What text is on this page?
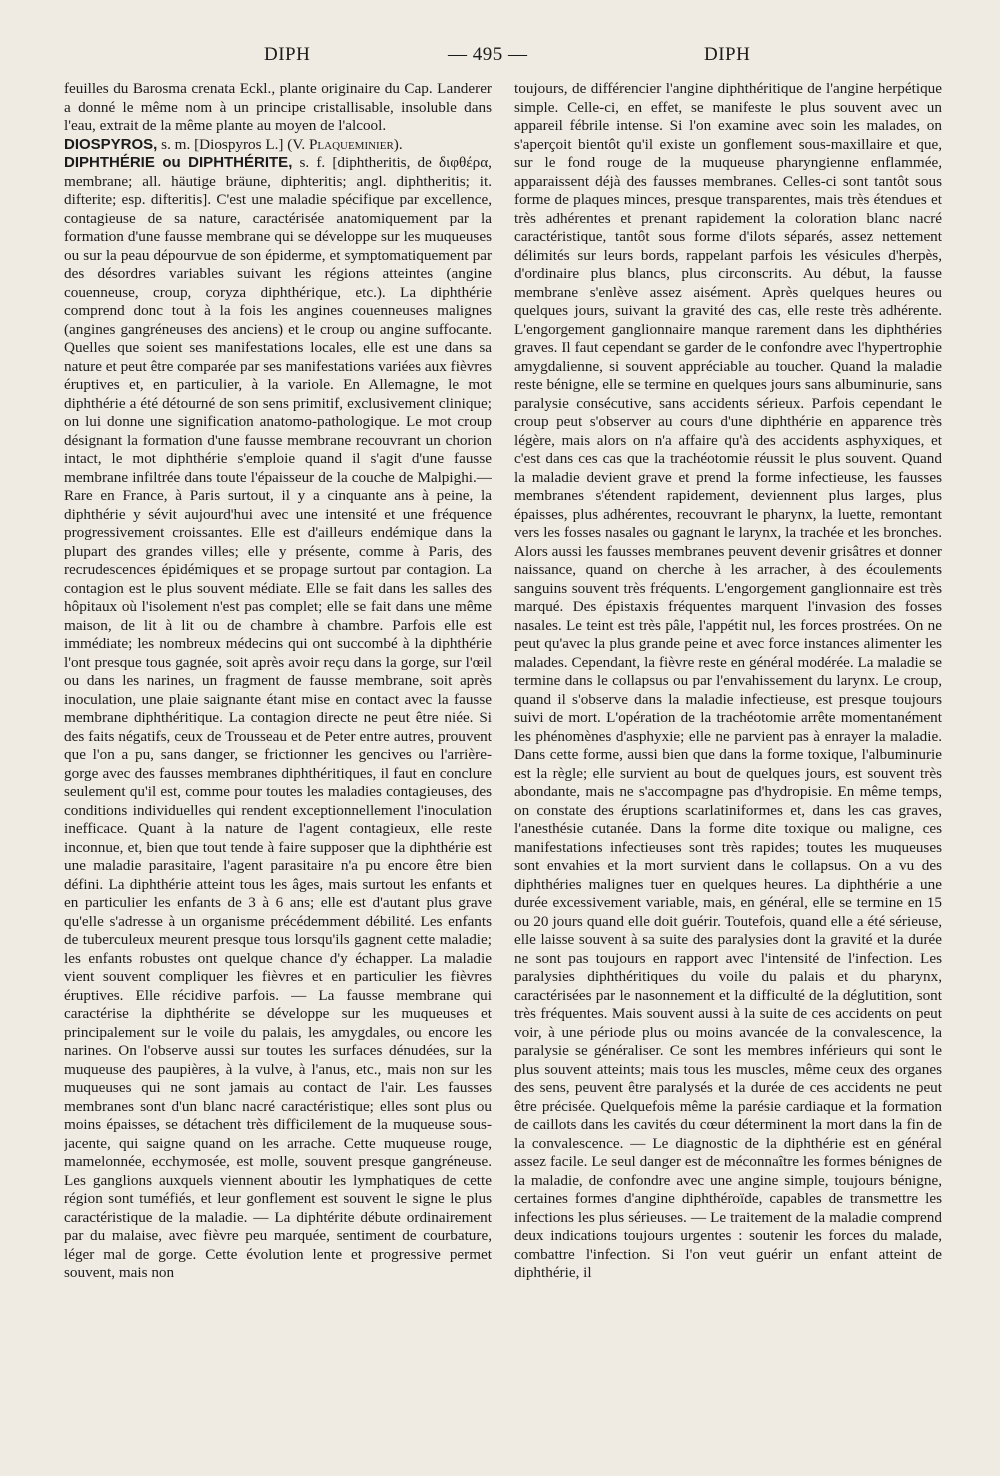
DIPH	— 495 —	DIPH

feuilles du Barosma crenata Eckl., plante originaire du Cap. Landerer a donné le même nom à un principe cristallisable, insoluble dans l'eau, extrait de la même plante au moyen de l'alcool.

DIOSPYROS, s. m. [Diospyros L.] (V. Plaqueminier).

DIPHTHÉRIE ou DIPHTHÉRITE, s. f. [diphtheritis, de διφθέρα, membrane; all. häutige bräune, diphteritis; angl. diphtheritis; it. difterite; esp. difteritis]. C'est une maladie spécifique par excellence, contagieuse de sa nature, caractérisée anatomiquement par la formation d'une fausse membrane qui se développe sur les muqueuses ou sur la peau dépourvue de son épiderme, et symptomatiquement par des désordres variables suivant les régions atteintes (angine couenneuse, croup, coryza diphthérique, etc.). La diphthérie comprend donc tout à la fois les angines couenneuses malignes (angines gangréneuses des anciens) et le croup ou angine suffocante. Quelles que soient ses manifestations locales, elle est une dans sa nature et peut être comparée par ses manifestations variées aux fièvres éruptives et, en particulier, à la variole. En Allemagne, le mot diphthérie a été détourné de son sens primitif, exclusivement clinique; on lui donne une signification anatomo-pathologique. Le mot croup désignant la formation d'une fausse membrane recouvrant un chorion intact, le mot diphthérie s'emploie quand il s'agit d'une fausse membrane infiltrée dans toute l'épaisseur de la couche de Malpighi.— Rare en France, à Paris surtout, il y a cinquante ans à peine, la diphthérie y sévit aujourd'hui avec une intensité et une fréquence progressivement croissantes. Elle est d'ailleurs endémique dans la plupart des grandes villes; elle y présente, comme à Paris, des recrudescences épidémiques et se propage surtout par contagion. La contagion est le plus souvent médiate. Elle se fait dans les salles des hôpitaux où l'isolement n'est pas complet; elle se fait dans une même maison, de lit à lit ou de chambre à chambre. Parfois elle est immédiate; les nombreux médecins qui ont succombé à la diphthérie l'ont presque tous gagnée, soit après avoir reçu dans la gorge, sur l'œil ou dans les narines, un fragment de fausse membrane, soit après inoculation, une plaie saignante étant mise en contact avec la fausse membrane diphthéritique. La contagion directe ne peut être niée. Si des faits négatifs, ceux de Trousseau et de Peter entre autres, prouvent que l'on a pu, sans danger, se frictionner les gencives ou l'arrière-gorge avec des fausses membranes diphthéritiques, il faut en conclure seulement qu'il est, comme pour toutes les maladies contagieuses, des conditions individuelles qui rendent exceptionnellement l'inoculation inefficace. Quant à la nature de l'agent contagieux, elle reste inconnue, et, bien que tout tende à faire supposer que la diphthérie est une maladie parasitaire, l'agent parasitaire n'a pu encore être bien défini. La diphthérie atteint tous les âges, mais surtout les enfants et en particulier les enfants de 3 à 6 ans; elle est d'autant plus grave qu'elle s'adresse à un organisme précédemment débilité. Les enfants de tuberculeux meurent presque tous lorsqu'ils gagnent cette maladie; les enfants robustes ont quelque chance d'y échapper. La maladie vient souvent compliquer les fièvres et en particulier les fièvres éruptives. Elle récidive parfois. — La fausse membrane qui caractérise la diphthérite se développe sur les muqueuses et principalement sur le voile du palais, les amygdales, ou encore les narines. On l'observe aussi sur toutes les surfaces dénudées, sur la muqueuse des paupières, à la vulve, à l'anus, etc., mais non sur les muqueuses qui ne sont jamais au contact de l'air. Les fausses membranes sont d'un blanc nacré caractéristique; elles sont plus ou moins épaisses, se détachent très difficilement de la muqueuse sous-jacente, qui saigne quand on les arrache. Cette muqueuse rouge, mamelonnée, ecchymosée, est molle, souvent presque gangréneuse. Les ganglions auxquels viennent aboutir les lymphatiques de cette région sont tuméfiés, et leur gonflement est souvent le signe le plus caractéristique de la maladie. — La diphtérite débute ordinairement par du malaise, avec fièvre peu marquée, sentiment de courbature, léger mal de gorge. Cette évolution lente et progressive permet souvent, mais non

toujours, de différencier l'angine diphthéritique de l'angine herpétique simple. Celle-ci, en effet, se manifeste le plus souvent avec un appareil fébrile intense. Si l'on examine avec soin les malades, on s'aperçoit bientôt qu'il existe un gonflement sous-maxillaire et que, sur le fond rouge de la muqueuse pharyngienne enflammée, apparaissent déjà des fausses membranes. Celles-ci sont tantôt sous forme de plaques minces, presque transparentes, mais très étendues et très adhérentes et prenant rapidement la coloration blanc nacré caractéristique, tantôt sous forme d'ilots séparés, assez nettement délimités sur leurs bords, rappelant parfois les vésicules d'herpès, d'ordinaire plus blancs, plus circonscrits. Au début, la fausse membrane s'enlève assez aisément. Après quelques heures ou quelques jours, suivant la gravité des cas, elle reste très adhérente. L'engorgement ganglionnaire manque rarement dans les diphthéries graves. Il faut cependant se garder de le confondre avec l'hypertrophie amygdalienne, si souvent appréciable au toucher. Quand la maladie reste bénigne, elle se termine en quelques jours sans albuminurie, sans paralysie consécutive, sans accidents sérieux. Parfois cependant le croup peut s'observer au cours d'une diphthérie en apparence très légère, mais alors on n'a affaire qu'à des accidents asphyxiques, et c'est dans ces cas que la trachéotomie réussit le plus souvent. Quand la maladie devient grave et prend la forme infectieuse, les fausses membranes s'étendent rapidement, deviennent plus larges, plus épaisses, plus adhérentes, recouvrant le pharynx, la luette, remontant vers les fosses nasales ou gagnant le larynx, la trachée et les bronches. Alors aussi les fausses membranes peuvent devenir grisâtres et donner naissance, quand on cherche à les arracher, à des écoulements sanguins souvent très fréquents. L'engorgement ganglionnaire est très marqué. Des épistaxis fréquentes marquent l'invasion des fosses nasales. Le teint est très pâle, l'appétit nul, les forces prostrées. On ne peut qu'avec la plus grande peine et avec force instances alimenter les malades. Cependant, la fièvre reste en général modérée. La maladie se termine dans le collapsus ou par l'envahissement du larynx. Le croup, quand il s'observe dans la maladie infectieuse, est presque toujours suivi de mort. L'opération de la trachéotomie arrête momentanément les phénomènes d'asphyxie; elle ne parvient pas à enrayer la maladie. Dans cette forme, aussi bien que dans la forme toxique, l'albuminurie est la règle; elle survient au bout de quelques jours, est souvent très abondante, mais ne s'accompagne pas d'hydropisie. En même temps, on constate des éruptions scarlatiniformes et, dans les cas graves, l'anesthésie cutanée. Dans la forme dite toxique ou maligne, ces manifestations infectieuses sont très rapides; toutes les muqueuses sont envahies et la mort survient dans le collapsus. On a vu des diphthéries malignes tuer en quelques heures. La diphthérie a une durée excessivement variable, mais, en général, elle se termine en 15 ou 20 jours quand elle doit guérir. Toutefois, quand elle a été sérieuse, elle laisse souvent à sa suite des paralysies dont la gravité et la durée ne sont pas toujours en rapport avec l'intensité de l'infection. Les paralysies diphthéritiques du voile du palais et du pharynx, caractérisées par le nasonnement et la difficulté de la déglutition, sont très fréquentes. Mais souvent aussi à la suite de ces accidents on peut voir, à une période plus ou moins avancée de la convalescence, la paralysie se généraliser. Ce sont les membres inférieurs qui sont le plus souvent atteints; mais tous les muscles, même ceux des organes des sens, peuvent être paralysés et la durée de ces accidents ne peut être précisée. Quelquefois même la parésie cardiaque et la formation de caillots dans les cavités du cœur déterminent la mort dans la fin de la convalescence. — Le diagnostic de la diphthérie est en général assez facile. Le seul danger est de méconnaître les formes bénignes de la maladie, de confondre avec une angine simple, toujours bénigne, certaines formes d'angine diphthéroïde, capables de transmettre les infections les plus sérieuses. — Le traitement de la maladie comprend deux indications toujours urgentes : soutenir les forces du malade, combattre l'infection. Si l'on veut guérir un enfant atteint de diphthérie, il
